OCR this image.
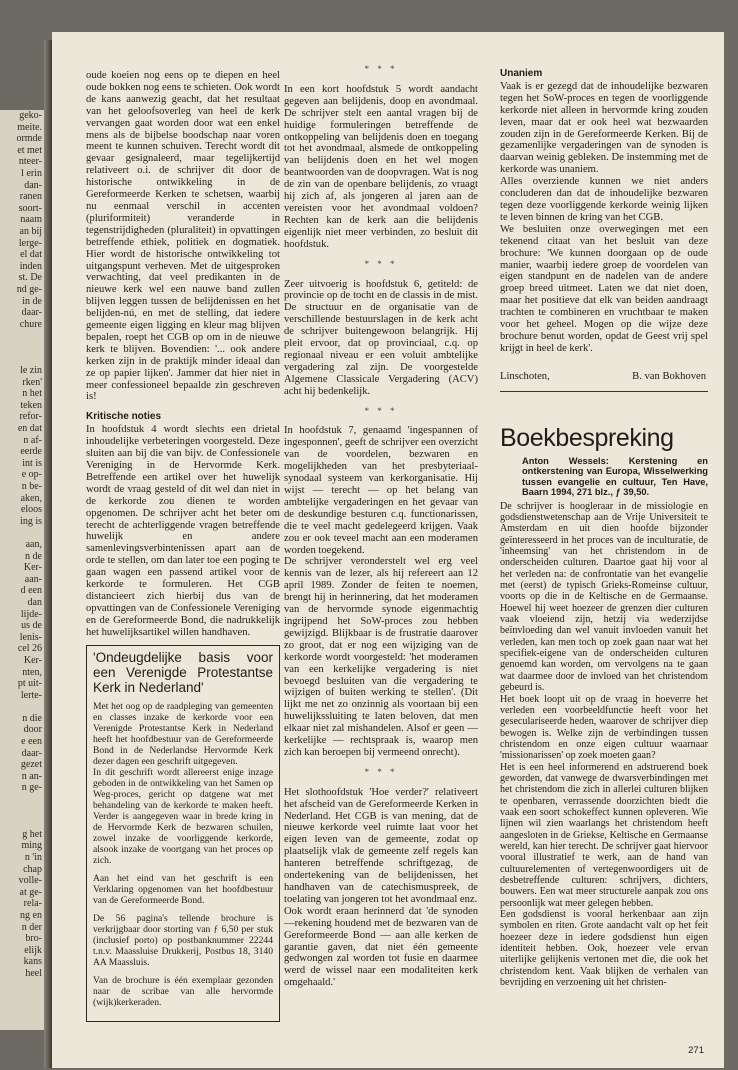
geko-
meite.
ormde
et met
nteer-
l erin
dan-
ranen
soort-
naam
an bij
lerge-
el dat
inden
st. De
nd ge-
in de
daar-
chure

le zin
rken'
n het
teken
refor-
en dat
n af-
eerde
int is
e op-
n be-
aken,
eloos
ing is

aan,
n de
Ker-
aan-
d een
dan
lijde-
us de
lenis-
cel 26
Ker-
nten,
pt uit-
lerte-

n die
door
e een
daar-
gezet
n an-
n ge-

g het
ming
n 'in
chap
volle-
at ge-
rela-
ng en
n der
bro-
elijk
kans
heel

oude koeien nog eens op te diepen en heel oude bokken nog eens te schieten. Ook wordt de kans aanwezig geacht, dat het resultaat van het geloofsoverleg van heel de kerk vervangen gaat worden door wat een enkel mens als de bijbelse boodschap naar voren meent te kunnen schuiven. Terecht wordt dit gevaar gesignaleerd, maar tegelijkertijd relativeert o.i. de schrijver dit door de historische ontwikkeling in de Gereformeerde Kerken te schetsen, waarbij nu eenmaal verschil in accenten (pluriformiteit) veranderde in tegenstrijdigheden (pluraliteit) in opvattingen betreffende ethiek, politiek en dogmatiek. Hier wordt de historische ontwikkeling tot uitgangspunt verheven. Met de uitgesproken verwachting, dat veel predikanten in de nieuwe kerk wel een nauwe band zullen blijven leggen tussen de belijdenissen en het belijden-nú, en met de stelling, dat iedere gemeente eigen ligging en kleur mag blijven bepalen, roept het CGB op om in de nieuwe kerk te blijven. Bovendien: '... ook andere kerken zijn in de praktijk minder ideaal dan ze op papier lijken'. Jammer dat hier niet in meer confessioneel bepaalde zin geschreven is!

Kritische noties

In hoofdstuk 4 wordt slechts een drietal inhoudelijke verbeteringen voorgesteld. Deze sluiten aan bij die van bijv. de Confessionele Vereniging in de Hervormde Kerk. Betreffende een artikel over het huwelijk wordt de vraag gesteld of dit wel dan niet in de kerkorde zou dienen te worden opgenomen. De schrijver acht het beter om terecht de achterliggende vragen betreffende huwelijk en andere samenlevingsverbintenissen apart aan de orde te stellen, om dan later toe een poging te gaan wagen een passend artikel voor de kerkorde te formuleren. Het CGB distancieert zich hierbij dus van de opvattingen van de Confessionele Vereniging en de Gereformeerde Bond, die nadrukkelijk het huwelijksartikel willen handhaven.

'Ondeugdelijke basis voor een Verenigde Protestantse Kerk in Nederland'

Met het oog op de raadpleging van gemeenten en classes inzake de kerkorde voor een Verenigde Protestantse Kerk in Nederland heeft het hoofdbestuur van de Gereformeerde Bond in de Nederlandse Hervormde Kerk dezer dagen een geschrift uitgegeven.
In dit geschrift wordt allereerst enige inzage geboden in de ontwikkeling van het Samen op Weg-proces, gericht op datgene wat met behandeling van de kerkorde te maken heeft. Verder is aangegeven waar in brede kring in de Hervormde Kerk de bezwaren schuilen, zowel inzake de voorliggende kerkorde, alsook inzake de voortgang van het proces op zich.

Aan het eind van het geschrift is een Verklaring opgenomen van het hoofdbestuur van de Gereformeerde Bond.

De 56 pagina's tellende brochure is verkrijgbaar door storting van ƒ 6,50 per stuk (inclusief porto) op postbanknummer 22244 t.n.v. Maassluise Drukkerij, Postbus 18, 3140 AA Maassluis.

Van de brochure is één exemplaar gezonden naar de scribae van alle hervormde (wijk)kerkeraden.

* * *

In een kort hoofdstuk 5 wordt aandacht gegeven aan belijdenis, doop en avondmaal. De schrijver stelt een aantal vragen bij de huidige formuleringen betreffende de ontkoppeling van belijdenis doen en toegang tot het avondmaal, alsmede de ontkoppeling van belijdenis doen en het wel mogen beantwoorden van de doopvragen. Wat is nog de zin van de openbare belijdenis, zo vraagt hij zich af, als jongeren al jaren aan de vereisten voor het avondmaal voldoen? Rechten kan de kerk aan die belijdenis eigenlijk niet meer verbinden, zo besluit dit hoofdstuk.

* * *

Zeer uitvoerig is hoofdstuk 6, getiteld: de provincie op de tocht en de classis in de mist. De structuur en de organisatie van de verschillende bestuurslagen in de kerk acht de schrijver buitengewoon belangrijk. Hij pleit ervoor, dat op provinciaal, c.q. op regionaal niveau er een voluit ambtelijke vergadering zal zijn. De voorgestelde Algemene Classicale Vergadering (ACV) acht hij bedenkelijk.

* * *

In hoofdstuk 7, genaamd 'ingespannen of ingesponnen', geeft de schrijver een overzicht van de voordelen, bezwaren en mogelijkheden van het presbyteriaal-synodaal systeem van kerkorganisatie. Hij wijst — terecht — op het belang van ambtelijke vergaderingen en het gevaar van de deskundige besturen c.q. functionarissen, die te veel macht gedelegeerd krijgen. Vaak zou er ook teveel macht aan een moderamen worden toegekend.
De schrijver veronderstelt wel erg veel kennis van de lezer, als hij refereert aan 12 april 1989. Zonder de feiten te noemen, brengt hij in herinnering, dat het moderamen van de hervormde synode eigenmachtig ingrijpend het SoW-proces zou hebben gewijzigd. Blijkbaar is de frustratie daarover zo groot, dat er nog een wijziging van de kerkorde wordt voorgesteld: 'het moderamen van een kerkelijke vergadering is niet bevoegd besluiten van die vergadering te wijzigen of buiten werking te stellen'. (Dit lijkt me net zo onzinnig als voortaan bij een huwelijkssluiting te laten beloven, dat men elkaar niet zal mishandelen. Alsof er geen — kerkelijke — rechtspraak is, waarop men zich kan beroepen bij vermeend onrecht).

* * *

Het slothoofdstuk 'Hoe verder?' relativeert het afscheid van de Gereformeerde Kerken in Nederland. Het CGB is van mening, dat de nieuwe kerkorde veel ruimte laat voor het eigen leven van de gemeente, zodat op plaatselijk vlak de gemeente zelf regels kan hanteren betreffende schriftgezag, de ondertekening van de belijdenissen, het handhaven van de catechismuspreek, de toelating van jongeren tot het avondmaal enz.
Ook wordt eraan herinnerd dat 'de synoden —rekening houdend met de bezwaren van de Gereformeerde Bond — aan alle kerken de garantie gaven, dat niet één gemeente gedwongen zal worden tot fusie en daarmee werd de wissel naar een modaliteiten kerk omgehaald.'

Unaniem

Vaak is er gezegd dat de inhoudelijke bezwaren tegen het SoW-proces en tegen de voorliggende kerkorde niet alleen in hervormde kring zouden leven, maar dat er ook heel wat bezwaarden zouden zijn in de Gereformeerde Kerken. Bij de gezamenlijke vergaderingen van de synoden is daarvan weinig gebleken. De instemming met de kerkorde was unaniem.
Alles overziende kunnen we niet anders concluderen dan dat de inhoudelijke bezwaren tegen deze voorliggende kerkorde weinig lijken te leven binnen de kring van het CGB.
We besluiten onze overwegingen met een tekenend citaat van het besluit van deze brochure: 'We kunnen doorgaan op de oude manier, waarbij iedere groep de voordelen van eigen standpunt en de nadelen van de andere groep breed uitmeet. Laten we dat niet doen, maar het positieve dat elk van beiden aandraagt trachten te combineren en vruchtbaar te maken voor het geheel. Mogen op die wijze deze brochure benut worden, opdat de Geest vrij spel krijgt in heel de kerk'.

Linschoten,	B. van Bokhoven
Boekbespreking
Anton Wessels: Kerstening en ontkerstening van Europa, Wisselwerking tussen evangelie en cultuur, Ten Have, Baarn 1994, 271 blz., ƒ 39,50.

De schrijver is hoogleraar in de missiologie en godsdienstwetenschap aan de Vrije Universiteit te Amsterdam en uit dien hoofde bijzonder geïnteresseerd in het proces van de inculturatie, de 'inheemsing' van het christendom in de onderscheiden culturen. Daartoe gaat hij voor al het verleden na: de confrontatie van het evangelie met (eerst) de typisch Grieks-Romeinse cultuur, voorts op die in de Keltische en de Germaanse. Hoewel hij weet hoezeer de grenzen dier culturen vaak vloeiend zijn, hetzij via wederzijdse beïnvloeding dan wel vanuit invloeden vanuit het verleden, kan men toch op zoek gaan naar wat het specifiek-eigene van de onderscheiden culturen genoemd kan worden, om vervolgens na te gaan wat daarmee door de invloed van het christendom gebeurd is.
Het boek loopt uit op de vraag in hoeverre het verleden een voorbeeldfunctie heeft voor het geseculariseerde heden, waarover de schrijver diep bewogen is. Welke zijn de verbindingen tussen christendom en onze eigen cultuur waarnaar 'missionarissen' op zoek moeten gaan?
Het is een heel informerend en adstruerend boek geworden, dat vanwege de dwarsverbindingen met het christendom die zich in allerlei culturen blijken te openbaren, verrassende doorzichten biedt die vaak een soort schokeffect kunnen opleveren. Wie lijnen wil zien waarlangs het christendom heeft aangesloten in de Griekse, Keltische en Germaanse wereld, kan hier terecht. De schrijver gaat hiervoor vooral illustratief te werk, aan de hand van cultuurelementen of vertegenwoordigers uit de desbetreffende culturen: schrijvers, dichters, bouwers. Een wat meer structurele aanpak zou ons persoonlijk wat meer gelegen hebben.
Een godsdienst is vooral herkenbaar aan zijn symbolen en riten. Grote aandacht valt op het feit hoezeer deze in iedere godsdienst hun eigen identiteit hebben. Ook, hoezeer vele ervan uiterlijke gelijkenis vertonen met die, die ook het christendom kent. Vaak blijken de verhalen van bevrijding en verzoening uit het christen-

271
